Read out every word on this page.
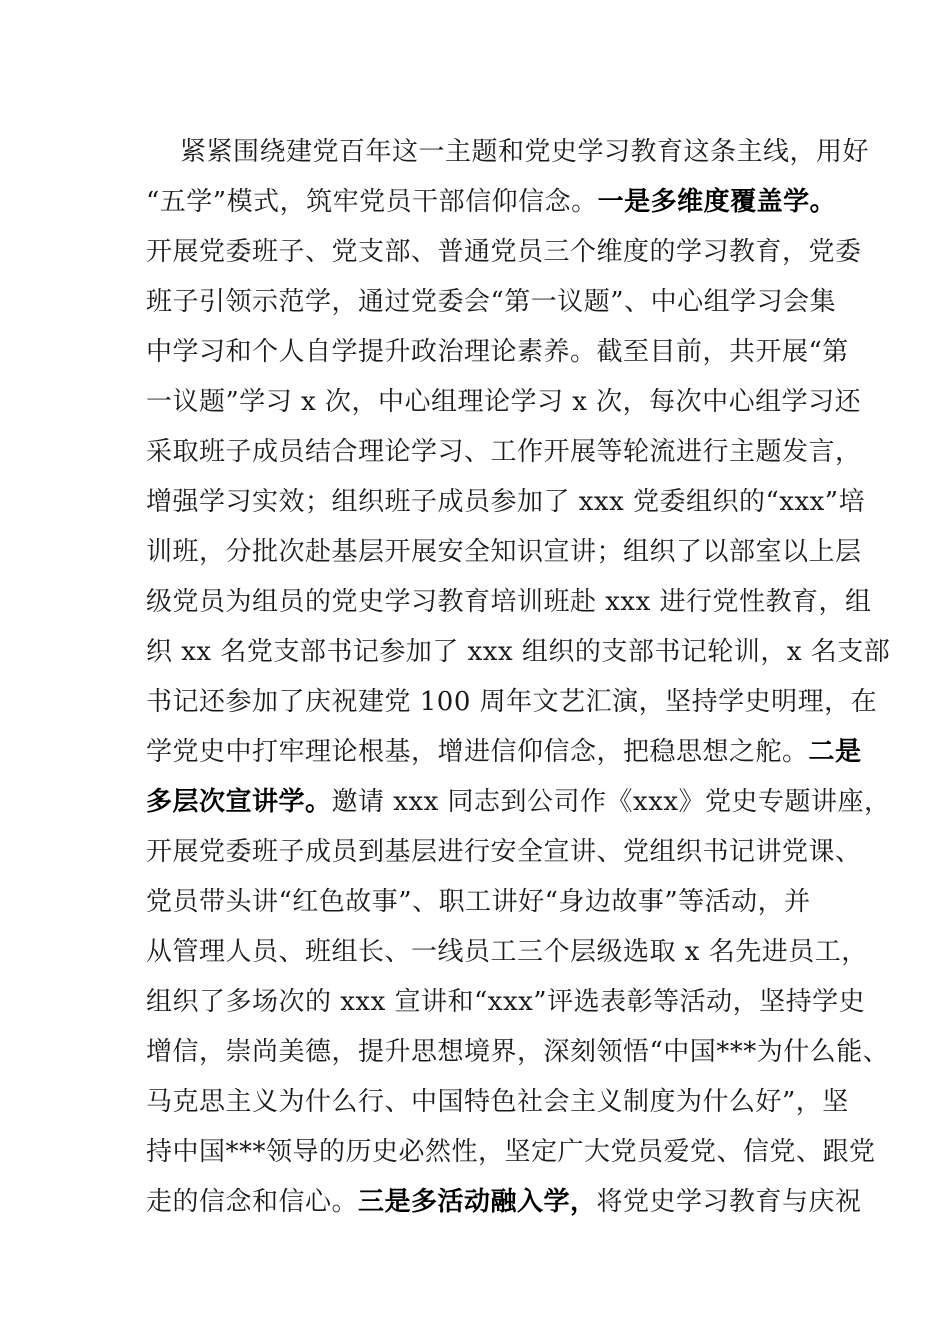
紧紧围绕建党百年这一主题和党史学习教育这条主线，用好
“五学”模式，筑牢党员干部信仰信念。一是多维度覆盖学。
开展党委班子、党支部、普通党员三个维度的学习教育，党委
班子引领示范学，通过党委会“第一议题”、中心组学习会集
中学习和个人自学提升政治理论素养。截至目前，共开展“第
一议题”学习 x 次，中心组理论学习 x 次，每次中心组学习还
采取班子成员结合理论学习、工作开展等轮流进行主题发言，
增强学习实效；组织班子成员参加了 xxx 党委组织的“xxx”培
训班，分批次赴基层开展安全知识宣讲；组织了以部室以上层
级党员为组员的党史学习教育培训班赴 xxx 进行党性教育，组
织 xx 名党支部书记参加了 xxx 组织的支部书记轮训，x 名支部
书记还参加了庆祝建党 100 周年文艺汇演，坚持学史明理，在
学党史中打牢理论根基，增进信仰信念，把稳思想之舵。二是
多层次宣讲学。邀请 xxx 同志到公司作《xxx》党史专题讲座，
开展党委班子成员到基层进行安全宣讲、党组织书记讲党课、
党员带头讲“红色故事”、职工讲好“身边故事”等活动，并
从管理人员、班组长、一线员工三个层级选取 x 名先进员工，
组织了多场次的 xxx 宣讲和“xxx”评选表彰等活动，坚持学史
增信，崇尚美德，提升思想境界，深刻领悟“中国***为什么能、
马克思主义为什么行、中国特色社会主义制度为什么好”，坚
持中国***领导的历史必然性，坚定广大党员爱党、信党、跟党
走的信念和信心。三是多活动融入学，将党史学习教育与庆祝
